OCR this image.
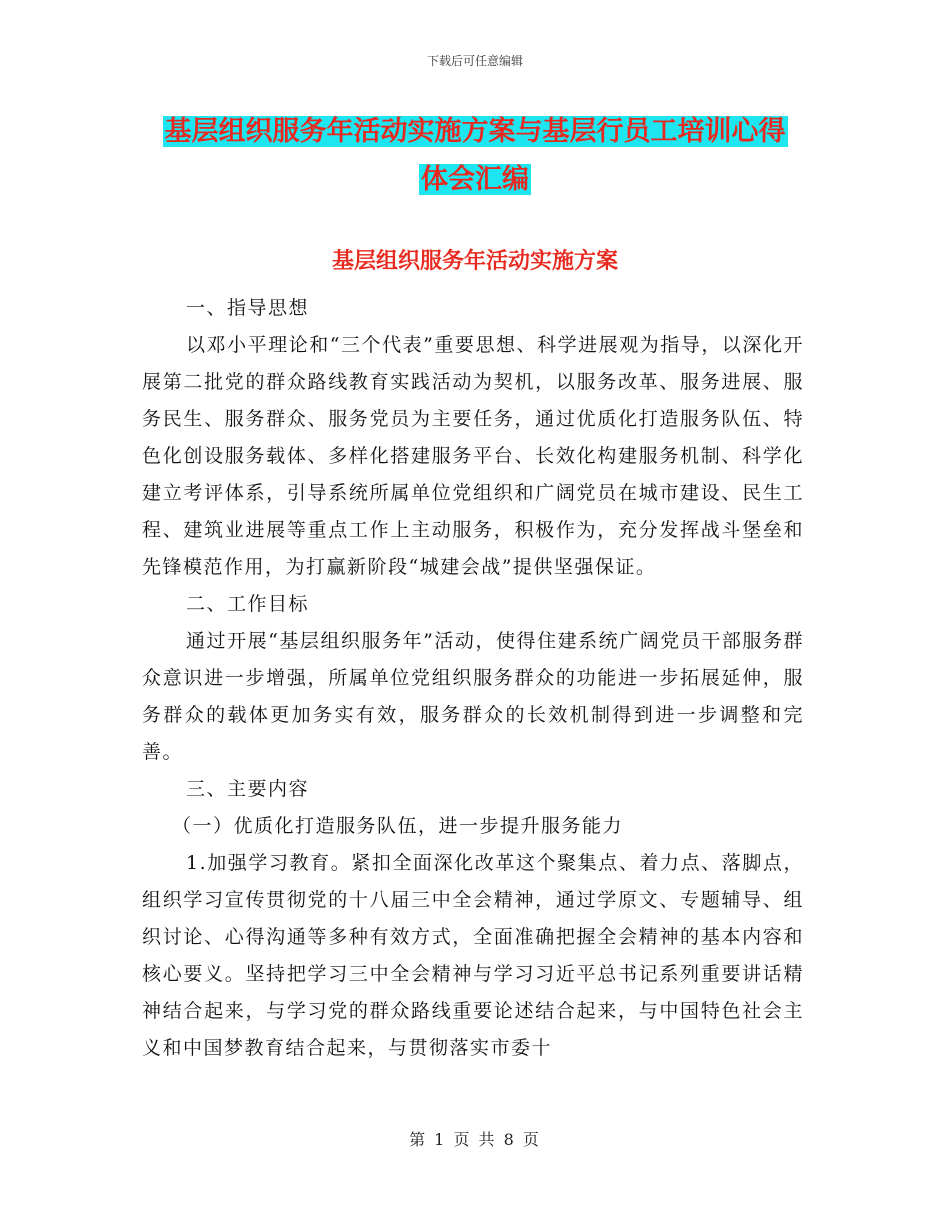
下载后可任意编辑
基层组织服务年活动实施方案与基层行员工培训心得
体会汇编
基层组织服务年活动实施方案

一、指导思想

以邓小平理论和“三个代表”重要思想、科学进展观为指导，以深化开展第二批党的群众路线教育实践活动为契机，以服务改革、服务进展、服务民生、服务群众、服务党员为主要任务，通过优质化打造服务队伍、特色化创设服务载体、多样化搭建服务平台、长效化构建服务机制、科学化建立考评体系，引导系统所属单位党组织和广阔党员在城市建设、民生工程、建筑业进展等重点工作上主动服务，积极作为，充分发挥战斗堡垒和先锋模范作用，为打赢新阶段“城建会战”提供坚强保证。

二、工作目标

通过开展“基层组织服务年”活动，使得住建系统广阔党员干部服务群众意识进一步增强，所属单位党组织服务群众的功能进一步拓展延伸，服务群众的载体更加务实有效，服务群众的长效机制得到进一步调整和完善。

三、主要内容

（一）优质化打造服务队伍，进一步提升服务能力

1.加强学习教育。紧扣全面深化改革这个聚集点、着力点、落脚点，组织学习宣传贯彻党的十八届三中全会精神，通过学原文、专题辅导、组织讨论、心得沟通等多种有效方式，全面准确把握全会精神的基本内容和核心要义。坚持把学习三中全会精神与学习习近平总书记系列重要讲话精神结合起来，与学习党的群众路线重要论述结合起来，与中国特色社会主义和中国梦教育结合起来，与贯彻落实市委十

第 1 页 共 8 页
